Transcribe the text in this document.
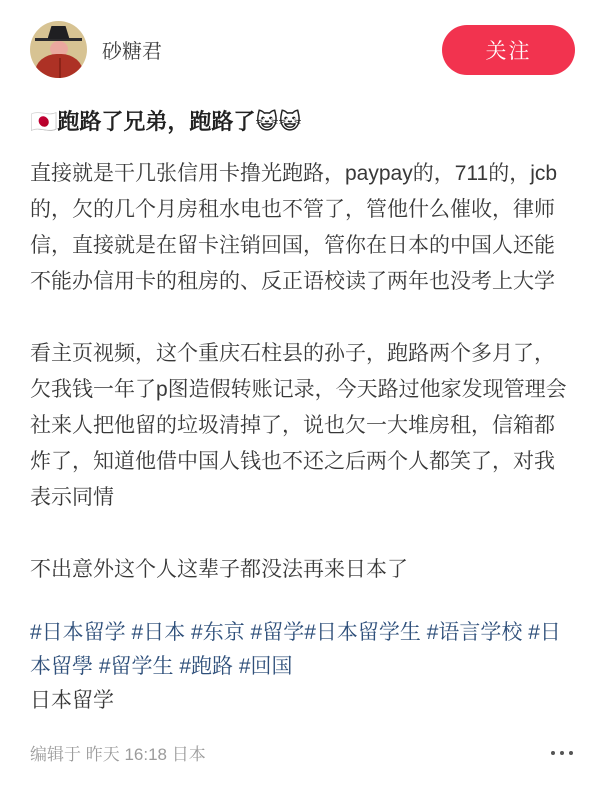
砂糖君	关注
🇯🇵跑路了兄弟，跑路了😺😺

直接就是干几张信用卡撸光跑路，paypay的，711的，jcb的，欠的几个月房租水电也不管了，管他什么催收，律师信，直接就是在留卡注销回国，管你在日本的中国人还能不能办信用卡的租房的、反正语校读了两年也没考上大学

看主页视频，这个重庆石柱县的孙子，跑路两个多月了，欠我钱一年了p图造假转账记录，今天路过他家发现管理会社来人把他留的垃圾清掉了，说也欠一大堆房租，信箱都炸了，知道他借中国人钱也不还之后两个人都笑了，对我表示同情

不出意外这个人这辈子都没法再来日本了

#日本留学 #日本 #东京 #留学#日本留学生 #语言学校 #日本留學 #留学生 #跑路 #回国
日本留学
编辑于 昨天 16:18 日本
